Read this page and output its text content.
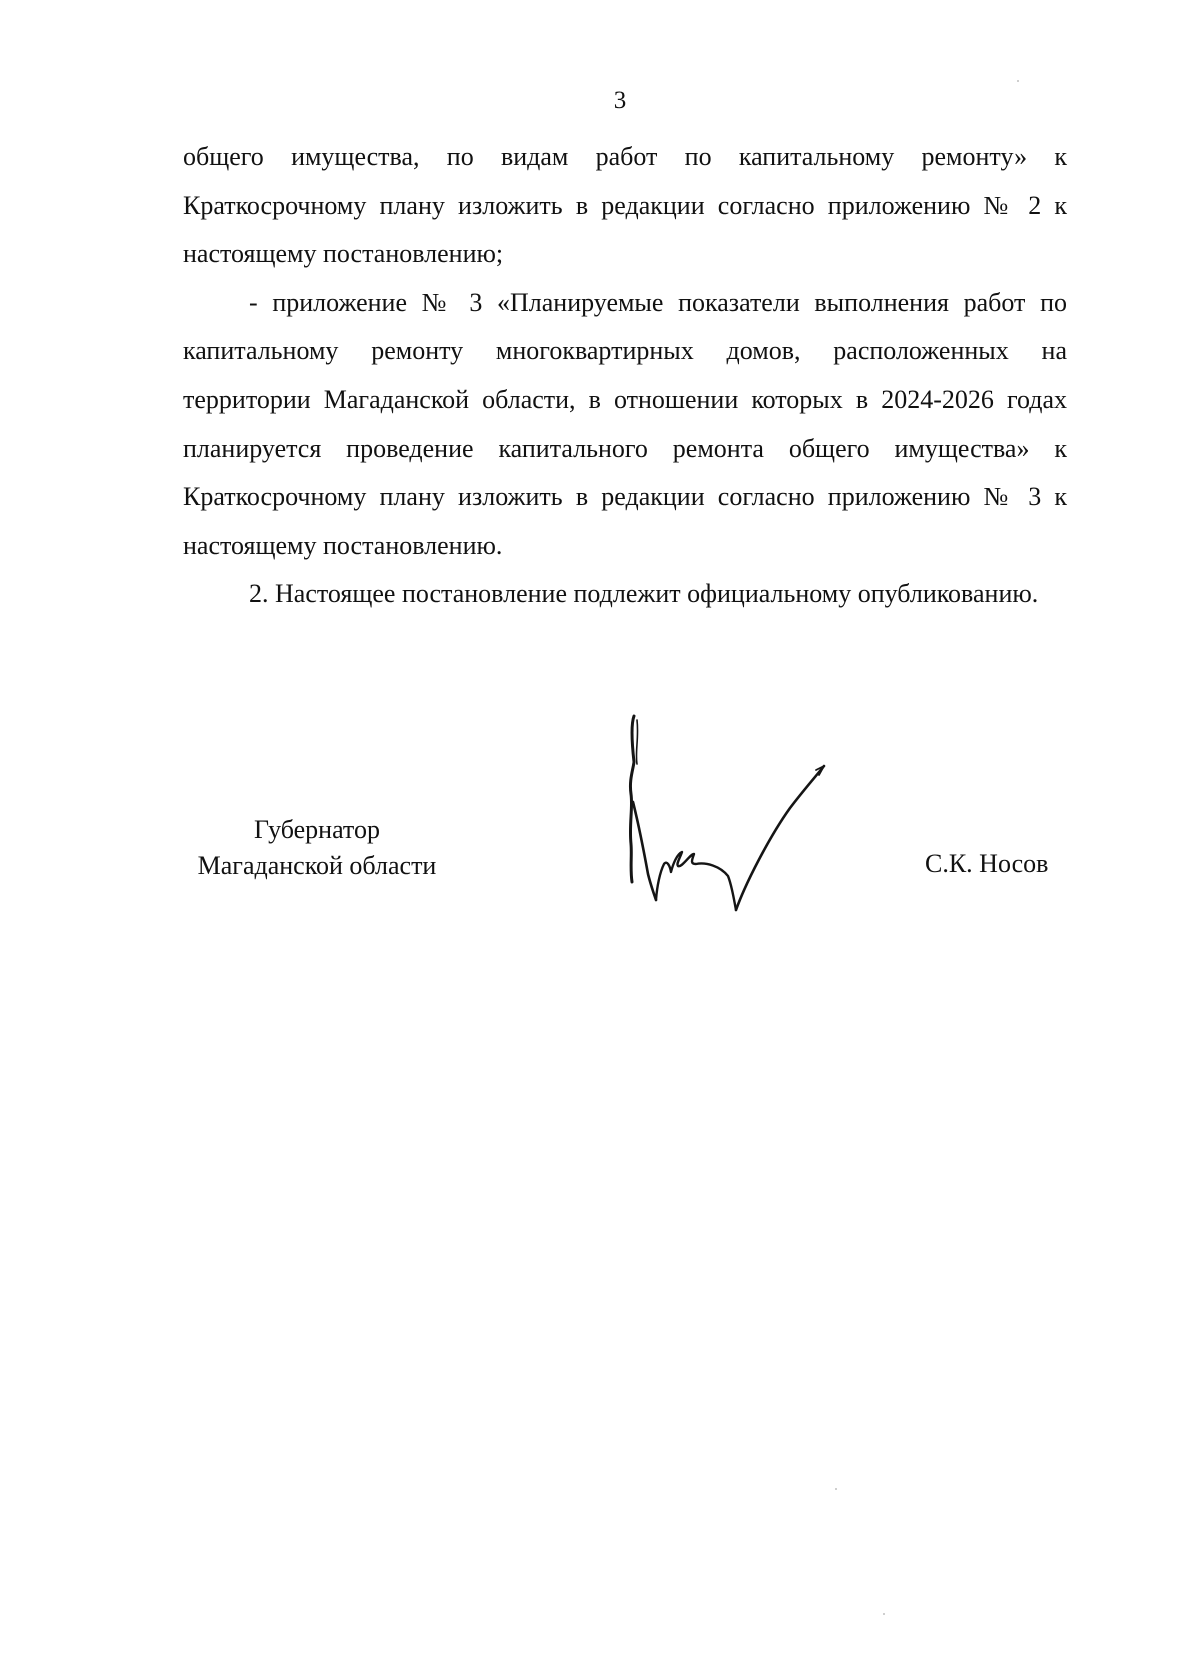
3

общего имущества, по видам работ по капитальному ремонту» к Краткосрочному плану изложить в редакции согласно приложению № 2 к настоящему постановлению;

- приложение № 3 «Планируемые показатели выполнения работ по капитальному ремонту многоквартирных домов, расположенных на территории Магаданской области, в отношении которых в 2024-2026 годах планируется проведение капитального ремонта общего имущества» к Краткосрочному плану изложить в редакции согласно приложению № 3 к настоящему постановлению.

2. Настоящее постановление подлежит официальному опубликованию.

Губернатор
Магаданской области	С.К. Носов
